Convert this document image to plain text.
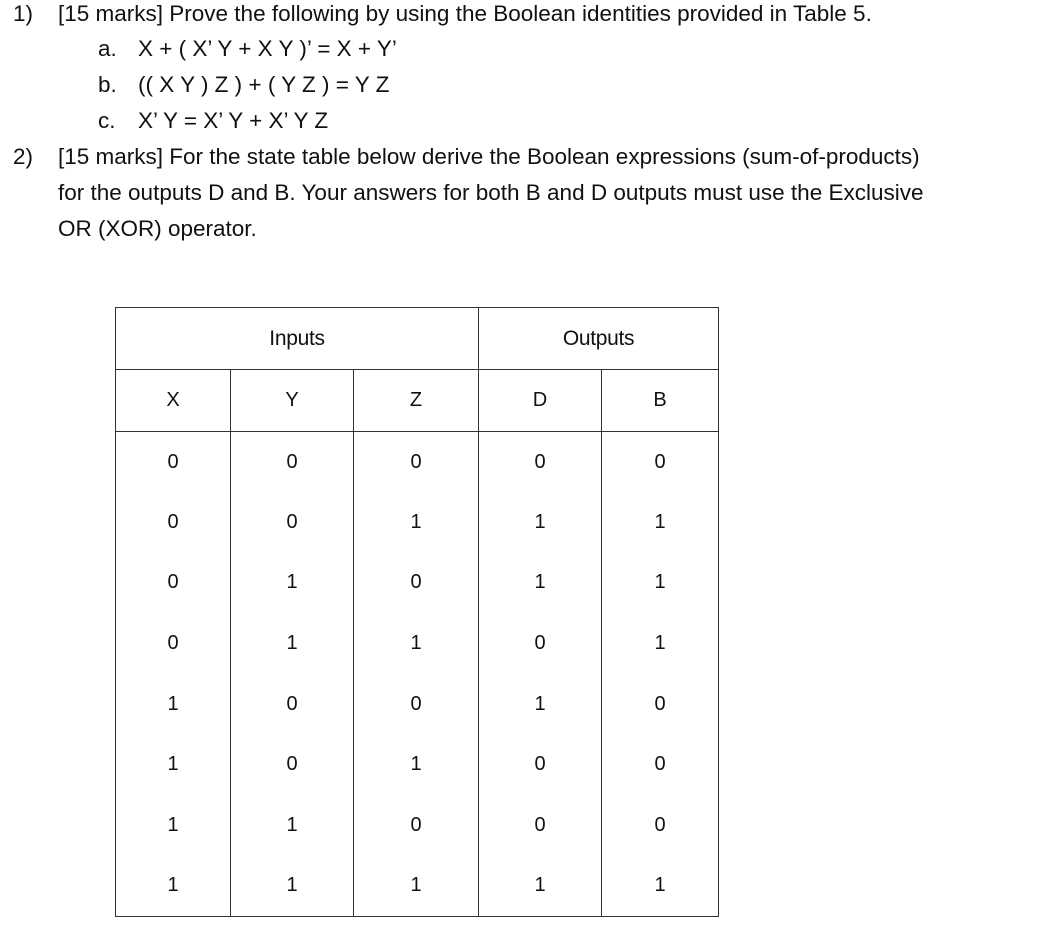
1) [15 marks] Prove the following by using the Boolean identities provided in Table 5.
a. X + ( X’ Y + X Y )’ = X + Y’
b. (( X Y ) Z ) + ( Y Z ) = Y Z
c. X’ Y = X’ Y + X’ Y Z
2) [15 marks] For the state table below derive the Boolean expressions (sum-of-products)
for the outputs D and B. Your answers for both B and D outputs must use the Exclusive
OR (XOR) operator.
Inputs			Outputs	
X	Y	Z	D	B
0	0	0	0	0
0	0	1	1	1
0	1	0	1	1
0	1	1	0	1
1	0	0	1	0
1	0	1	0	0
1	1	0	0	0
1	1	1	1	1
